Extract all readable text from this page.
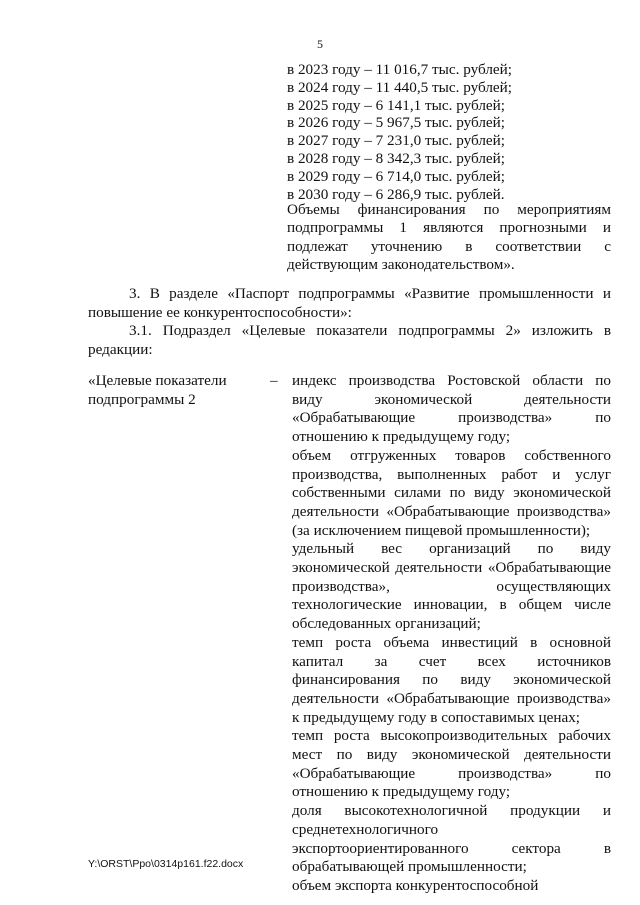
5
в 2023 году – 11 016,7 тыс. рублей;
в 2024 году – 11 440,5 тыс. рублей;
в 2025 году – 6 141,1 тыс. рублей;
в 2026 году – 5 967,5 тыс. рублей;
в 2027 году – 7 231,0 тыс. рублей;
в 2028 году – 8 342,3 тыс. рублей;
в 2029 году – 6 714,0 тыс. рублей;
в 2030 году – 6 286,9 тыс. рублей.
Объемы финансирования по мероприятиям подпрограммы 1 являются прогнозными и подлежат уточнению в соответствии с действующим законодательством».
3. В разделе «Паспорт подпрограммы «Развитие промышленности и повышение ее конкурентоспособности»:
3.1. Подраздел «Целевые показатели подпрограммы 2» изложить в редакции:
«Целевые показатели подпрограммы 2
– индекс производства Ростовской области по виду экономической деятельности «Обрабатывающие производства» по отношению к предыдущему году;
объем отгруженных товаров собственного производства, выполненных работ и услуг собственными силами по виду экономической деятельности «Обрабатывающие производства» (за исключением пищевой промышленности);
удельный вес организаций по виду экономической деятельности «Обрабатывающие производства», осуществляющих технологические инновации, в общем числе обследованных организаций;
темп роста объема инвестиций в основной капитал за счет всех источников финансирования по виду экономической деятельности «Обрабатывающие производства» к предыдущему году в сопоставимых ценах;
темп роста высокопроизводительных рабочих мест по виду экономической деятельности «Обрабатывающие производства» по отношению к предыдущему году;
доля высокотехнологичной продукции и среднетехнологичного экспортоориентированного сектора в обрабатывающей промышленности;
объем экспорта конкурентоспособной
Y:\ORST\Ppo\0314p161.f22.docx
